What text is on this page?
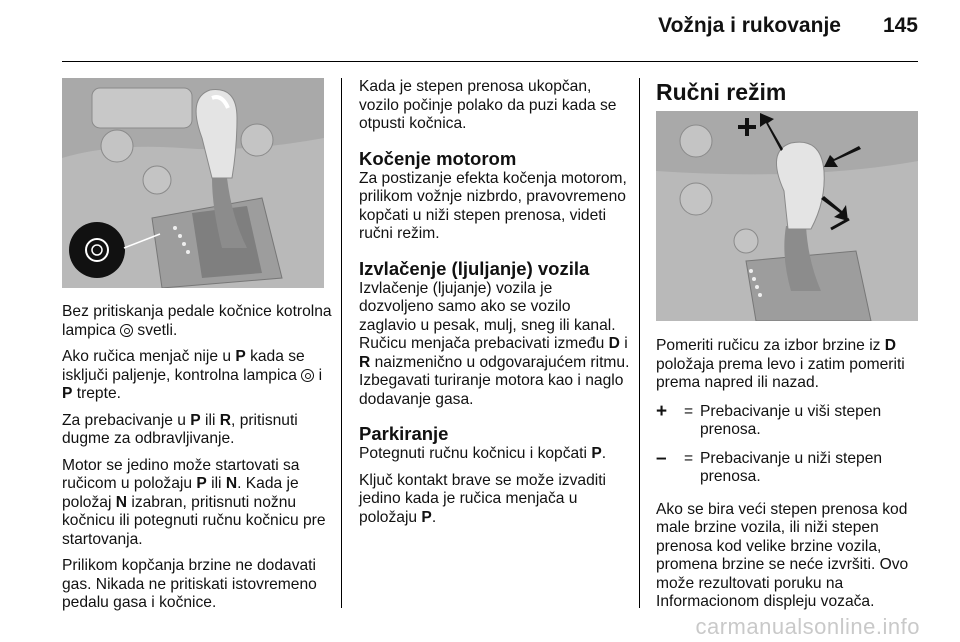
Vožnja i rukovanje 145

Bez pritiskanja pedale kočnice kotrolna lampica  svetli.

Ako ručica menjač nije u P kada se isključi paljenje, kontrolna lampica  i P trepte.

Za prebacivanje u P ili R, pritisnuti dugme za odbravljivanje.

Motor se jedino može startovati sa ručicom u položaju P ili N. Kada je položaj N izabran, pritisnuti nožnu kočnicu ili potegnuti ručnu kočnicu pre startovanja.

Prilikom kopčanja brzine ne dodavati gas. Nikada ne pritiskati istovremeno pedalu gasa i kočnice.

Kada je stepen prenosa ukopčan, vozilo počinje polako da puzi kada se otpusti kočnica.

Kočenje motorom

Za postizanje efekta kočenja motorom, prilikom vožnje nizbrdo, pravovremeno kopčati u niži stepen prenosa, videti ručni režim.

Izvlačenje (ljuljanje) vozila

Izvlačenje (ljujanje) vozila je dozvoljeno samo ako se vozilo zaglavio u pesak, mulj, sneg ili kanal. Ručicu menjača prebacivati između D i R naizmenično u odgovarajućem ritmu. Izbegavati turiranje motora kao i naglo dodavanje gasa.

Parkiranje

Potegnuti ručnu kočnicu i kopčati P.

Ključ kontakt brave se može izvaditi jedino kada je ručica menjača u položaju P.

Ručni režim

Pomeriti ručicu za izbor brzine iz D položaja prema levo i zatim pomeriti prema napred ili nazad.

+	= Prebacivanje u viši stepen prenosa.
–	= Prebacivanje u niži stepen prenosa.

Ako se bira veći stepen prenosa kod male brzine vozila, ili niži stepen prenosa kod velike brzine vozila, promena brzine se neće izvršiti. Ovo može rezultovati poruku na Informacionom displeju vozača.

carmanualsonline.info
